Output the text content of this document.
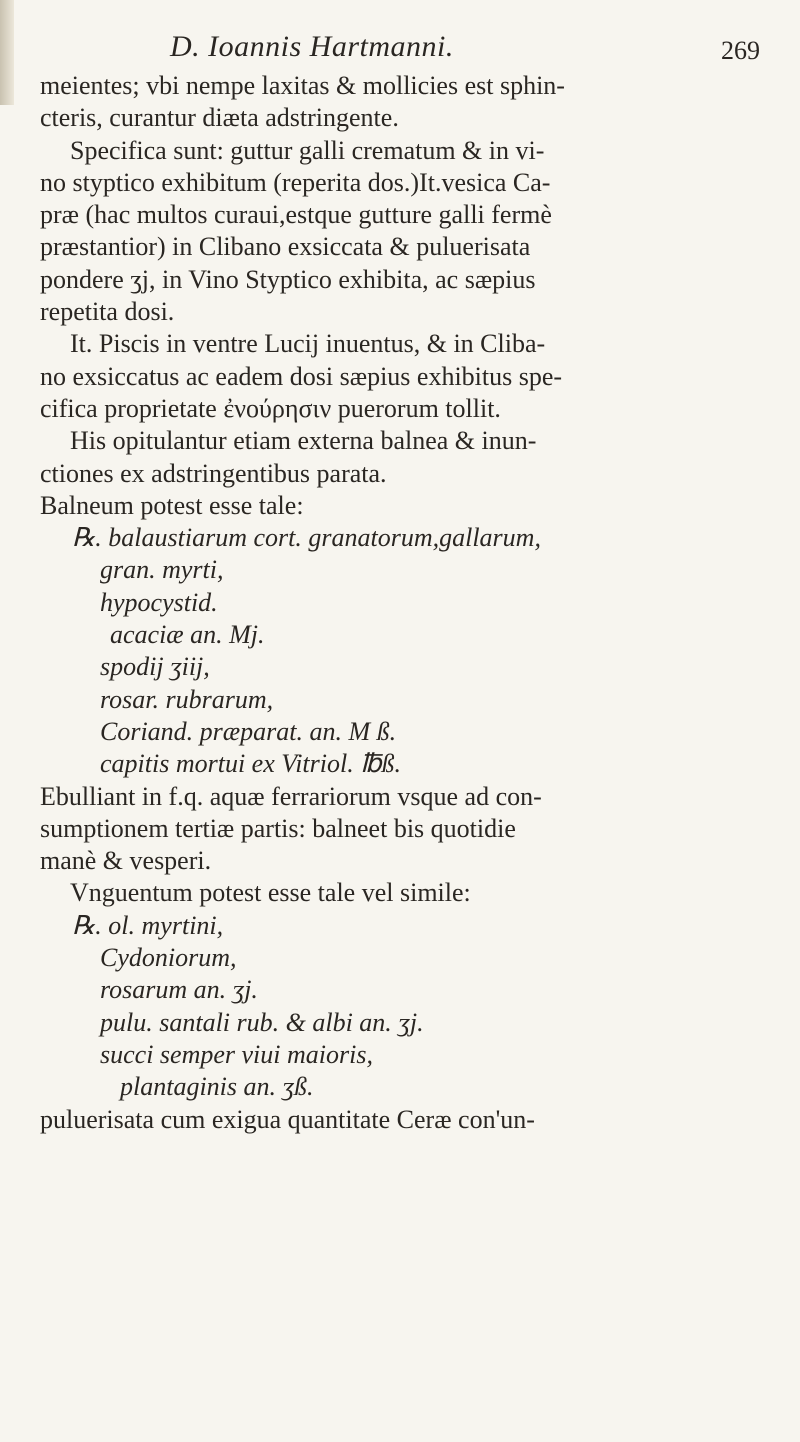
D. Ioannis Hartmanni.	269

meientes; vbi nempe laxitas & mollicies est sphin-

cteris, curantur diæta adstringente.

Specifica sunt: guttur galli crematum & in vi-

no styptico exhibitum (reperita dos.)It.vesica Ca-

præ (hac multos curaui,estque gutture galli fermè

præstantior) in Clibano exsiccata & puluerisata

pondere ʒj, in Vino Styptico exhibita, ac sæpius

repetita dosi.

It. Piscis in ventre Lucij inuentus, & in Cliba-

no exsiccatus ac eadem dosi sæpius exhibitus spe-

cifica proprietate ἐνούρησιν puerorum tollit.

His opitulantur etiam externa balnea & inun-

ctiones ex adstringentibus parata.

Balneum potest esse tale:

℞. balaustiarum cort. granatorum,gallarum,

gran. myrti,

hypocystid.

acaciæ an. Mj.

spodij ʒiij,

rosar. rubrarum,

Coriand. præparat. an. M ß.

capitis mortui ex Vitriol. ℔ß.

Ebulliant in f.q. aquæ ferrariorum vsque ad con-

sumptionem tertiæ partis: balneet bis quotidie

manè & vesperi.

Vnguentum potest esse tale vel simile:

℞. ol. myrtini,

Cydoniorum,

rosarum an. ʒj.

pulu. santali rub. & albi an. ʒj.

succi semper viui maioris,

plantaginis an. ʒß.

puluerisata cum exigua quantitate Ceræ con'un-
